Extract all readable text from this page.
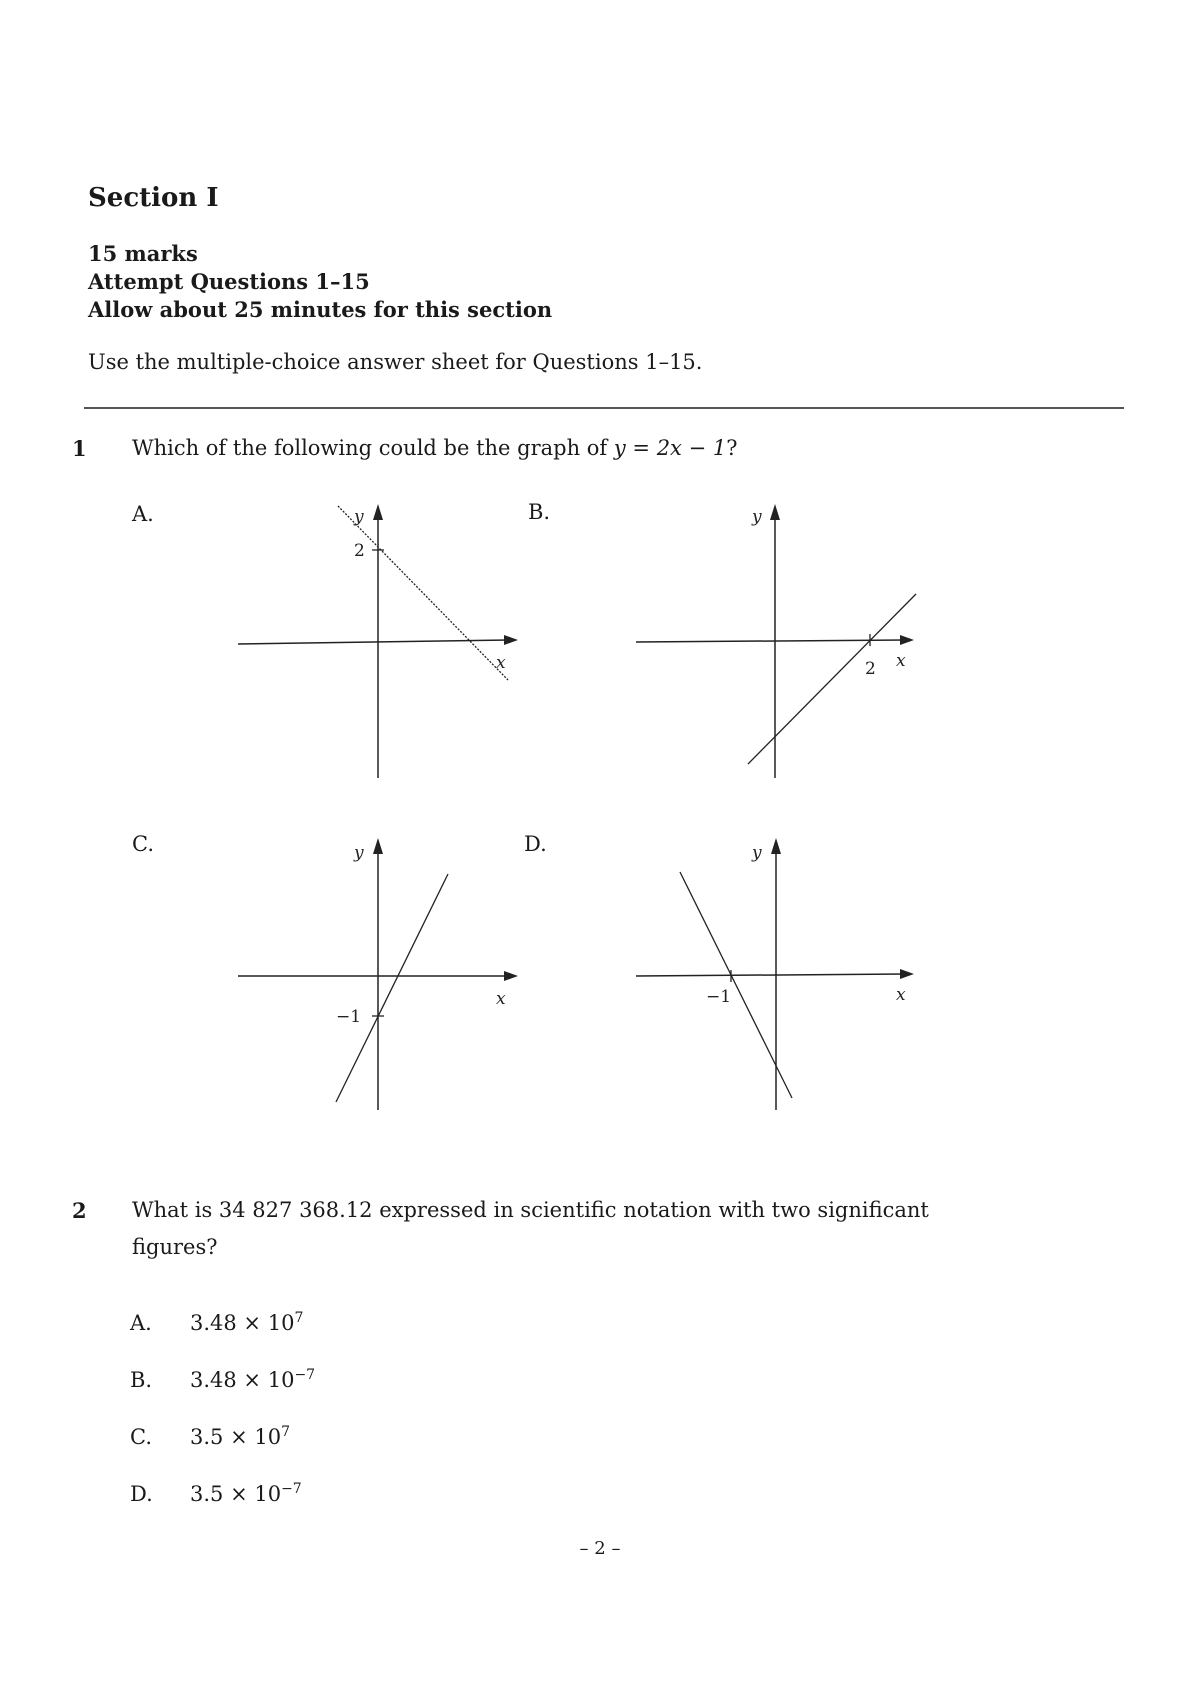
Section I
15 marks
Attempt Questions 1–15
Allow about 25 minutes for this section
Use the multiple-choice answer sheet for Questions 1–15.
1 Which of the following could be the graph of y = 2x − 1?
A.
2
y
x
B.
2
y
x
C.
−1
y
x
D.
−1
y
x
2 What is 34 827 368.12 expressed in scientific notation with two significant
figures?
A. $3.48 \times 10^7$
B. $3.48 \times 10^{-7}$
C. $3.5 \times 10^7$
D. $3.5 \times 10^{-7}$
– 2 –
